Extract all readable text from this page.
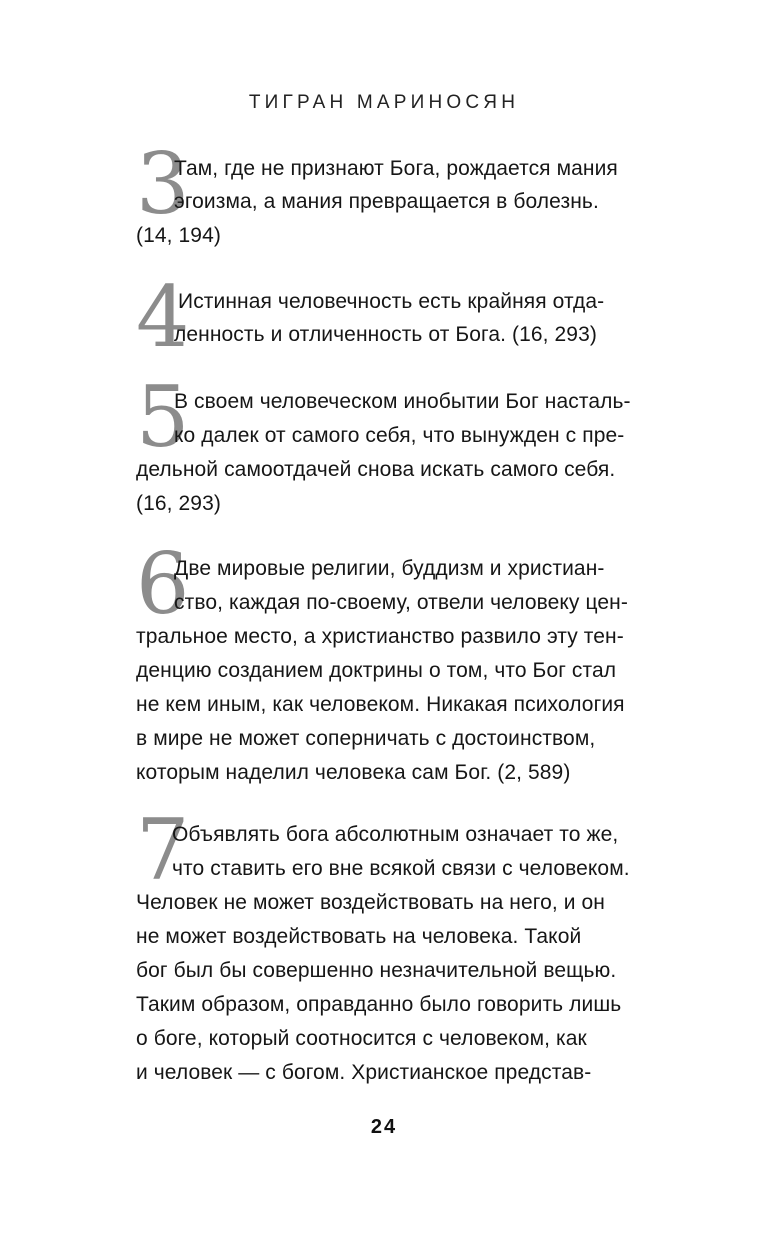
ТИГРАН МАРИНОСЯН
3
Там, где не признают Бога, рождается мания
эгоизма, а мания превращается в болезнь.
(14, 194)
4
Истинная человечность есть крайняя отда-
ленность и отличенность от Бога. (16, 293)
5
В своем человеческом инобытии Бог насталь-
ко далек от самого себя, что вынужден с пре-
дельной самоотдачей снова искать самого себя.
(16, 293)
6
Две мировые религии, буддизм и христиан-
ство, каждая по-своему, отвели человеку цен-
тральное место, а христианство развило эту тен-
денцию созданием доктрины о том, что Бог стал
не кем иным, как человеком. Никакая психология
в мире не может соперничать с достоинством,
которым наделил человека сам Бог. (2, 589)
7
Объявлять бога абсолютным означает то же,
что ставить его вне всякой связи с человеком.
Человек не может воздействовать на него, и он
не может воздействовать на человека. Такой
бог был бы совершенно незначительной вещью.
Таким образом, оправданно было говорить лишь
о боге, который соотносится с человеком, как
и человек — с богом. Христианское представ-
24
